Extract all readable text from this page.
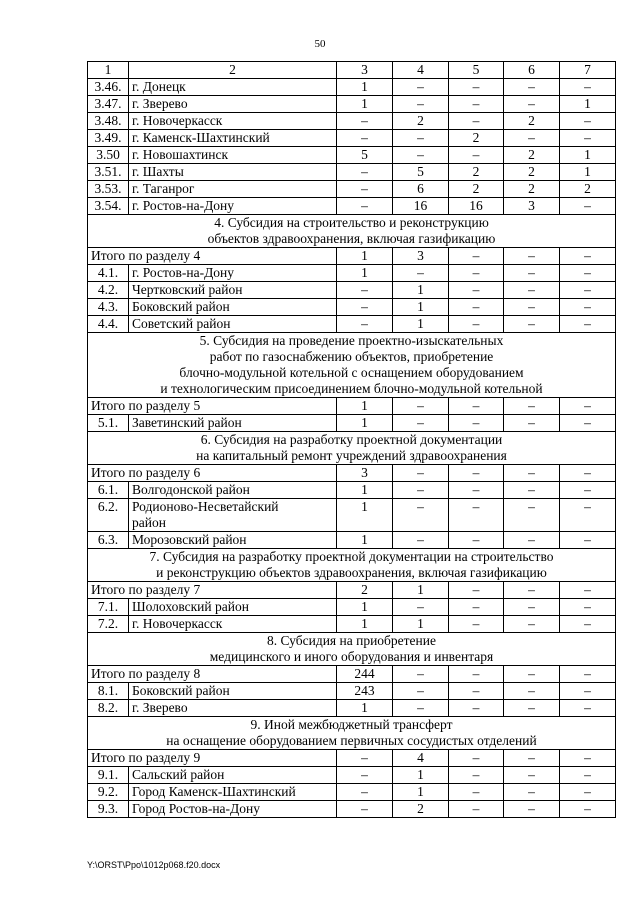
50
1	2	3	4	5	6	7
3.46.	г. Донецк	1	–	–	–	–
3.47.	г. Зверево	1	–	–	–	1
3.48.	г. Новочеркасск	–	2	–	2	–
3.49.	г. Каменск-Шахтинский	–	–	2	–	–
3.50	г. Новошахтинск	5	–	–	2	1
3.51.	г. Шахты	–	5	2	2	1
3.53.	г. Таганрог	–	6	2	2	2
3.54.	г. Ростов-на-Дону	–	16	16	3	–

4. Субсидия на строительство и реконструкцию
объектов здравоохранения, включая газификацию						

Итого по разделу 4		1	3	–	–	–
4.1.	г. Ростов-на-Дону	1	–	–	–	–
4.2.	Чертковский район	–	1	–	–	–
4.3.	Боковский район	–	1	–	–	–
4.4.	Советский район	–	1	–	–	–

5. Субсидия на проведение проектно-изыскательных
работ по газоснабжению объектов, приобретение
блочно-модульной котельной с оснащением оборудованием
и технологическим присоединением блочно-модульной котельной						

Итого по разделу 5		1	–	–	–	–
5.1.	Заветинский район	1	–	–	–	–

6. Субсидия на разработку проектной документации
на капитальный ремонт учреждений здравоохранения						

Итого по разделу 6		3	–	–	–	–
6.1.	Волгодонской район	1	–	–	–	–
6.2.	Родионово-Несветайский
район	1	–	–	–	–
6.3.	Морозовский район	1	–	–	–	–

7. Субсидия на разработку проектной документации на строительство
и реконструкцию объектов здравоохранения, включая газификацию						

Итого по разделу 7		2	1	–	–	–
7.1.	Шолоховский район	1	–	–	–	–
7.2.	г. Новочеркасск	1	1	–	–	–

8. Субсидия на приобретение
медицинского и иного оборудования и инвентаря						

Итого по разделу 8		244	–	–	–	–
8.1.	Боковский район	243	–	–	–	–
8.2.	г. Зверево	1	–	–	–	–

9. Иной межбюджетный трансферт
на оснащение оборудованием первичных сосудистых отделений						

Итого по разделу 9		–	4	–	–	–
9.1.	Сальский район	–	1	–	–	–
9.2.	Город Каменск-Шахтинский	–	1	–	–	–
9.3.	Город Ростов-на-Дону	–	2	–	–	–
Y:\ORST\Ppo\1012p068.f20.docx
